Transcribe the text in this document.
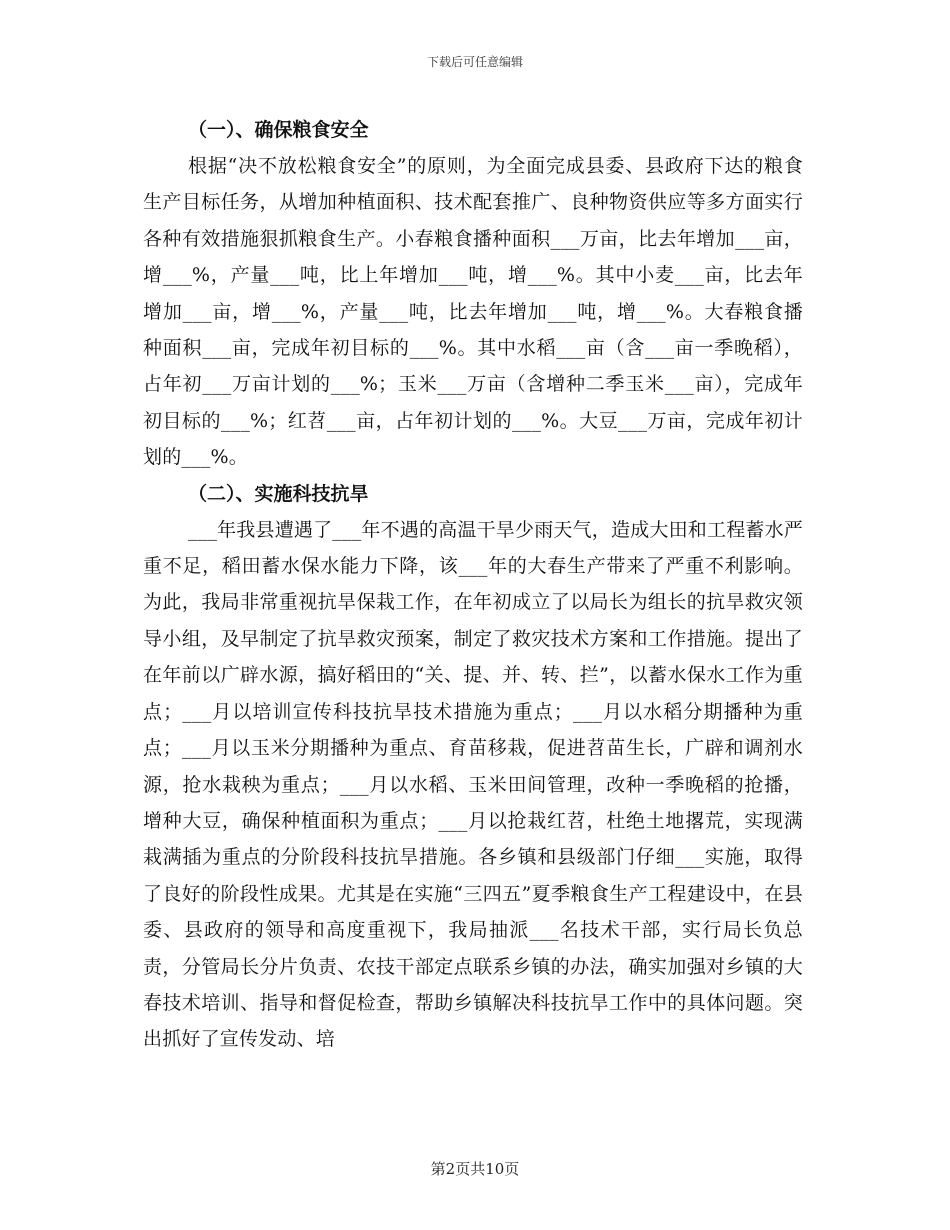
下载后可任意编辑
（一）、确保粮食安全

根据“决不放松粮食安全”的原则，为全面完成县委、县政府下达的粮食生产目标任务，从增加种植面积、技术配套推广、良种物资供应等多方面实行各种有效措施狠抓粮食生产。小春粮食播种面积___万亩，比去年增加___亩，增___%，产量___吨，比上年增加___吨，增___%。其中小麦___亩，比去年增加___亩，增___%，产量___吨，比去年增加___吨，增___%。大春粮食播种面积___亩，完成年初目标的___%。其中水稻___亩（含___亩一季晚稻），占年初___万亩计划的___%；玉米___万亩（含增种二季玉米___亩），完成年初目标的___%；红苕___亩，占年初计划的___%。大豆___万亩，完成年初计划的___%。

（二）、实施科技抗旱

___年我县遭遇了___年不遇的高温干旱少雨天气，造成大田和工程蓄水严重不足，稻田蓄水保水能力下降，该___年的大春生产带来了严重不利影响。为此，我局非常重视抗旱保栽工作，在年初成立了以局长为组长的抗旱救灾领导小组，及早制定了抗旱救灾预案，制定了救灾技术方案和工作措施。提出了在年前以广辟水源，搞好稻田的“关、提、并、转、拦”，以蓄水保水工作为重点；___月以培训宣传科技抗旱技术措施为重点；___月以水稻分期播种为重点；___月以玉米分期播种为重点、育苗移栽，促进苕苗生长，广辟和调剂水源，抢水栽秧为重点；___月以水稻、玉米田间管理，改种一季晚稻的抢播，增种大豆，确保种植面积为重点；___月以抢栽红苕，杜绝土地撂荒，实现满栽满插为重点的分阶段科技抗旱措施。各乡镇和县级部门仔细___实施，取得了良好的阶段性成果。尤其是在实施“三四五”夏季粮食生产工程建设中，在县委、县政府的领导和高度重视下，我局抽派___名技术干部，实行局长负总责，分管局长分片负责、农技干部定点联系乡镇的办法，确实加强对乡镇的大春技术培训、指导和督促检查，帮助乡镇解决科技抗旱工作中的具体问题。突出抓好了宣传发动、培

第2页共10页
